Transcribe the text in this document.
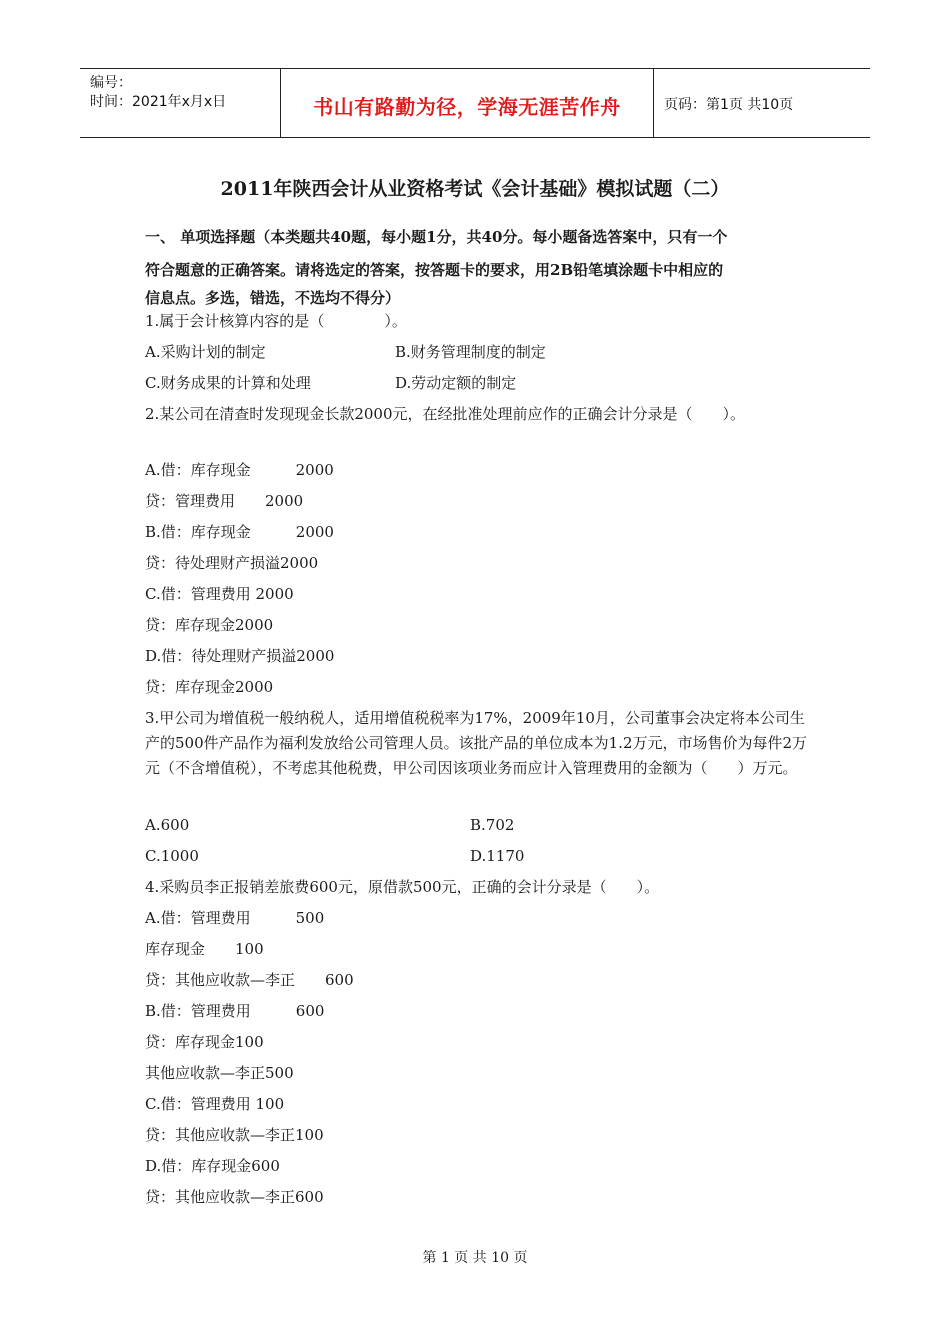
编号：
时间：2021年x月x日	书山有路勤为径，学海无涯苦作舟	页码：第1页 共10页
2011年陕西会计从业资格考试《会计基础》模拟试题（二）
一、 单项选择题（本类题共40题，每小题1分，共40分。每小题备选答案中，只有一个
符合题意的正确答案。请将选定的答案，按答题卡的要求，用2B铅笔填涂题卡中相应的
信息点。多选，错选，不选均不得分）
1.属于会计核算内容的是（　　　　）。
A.采购计划的制定	B.财务管理制度的制定
C.财务成果的计算和处理	D.劳动定额的制定
2.某公司在清查时发现现金长款2000元，在经批准处理前应作的正确会计分录是（　　）。
A.借：库存现金　　　2000
贷：管理费用　　2000
B.借：库存现金　　　2000
贷：待处理财产损溢2000
C.借：管理费用 2000
贷：库存现金2000
D.借：待处理财产损溢2000
贷：库存现金2000
3.甲公司为增值税一般纳税人，适用增值税税率为17%，2009年10月，公司董事会决定将本公司生产的500件产品作为福利发放给公司管理人员。该批产品的单位成本为1.2万元，市场售价为每件2万元（不含增值税），不考虑其他税费，甲公司因该项业务而应计入管理费用的金额为（　　）万元。
A.600	B.702
C.1000	D.1170
4.采购员李正报销差旅费600元，原借款500元，正确的会计分录是（　　）。
A.借：管理费用　　　500
库存现金　　100
贷：其他应收款—李正　　600
B.借：管理费用　　　600
贷：库存现金100
其他应收款—李正500
C.借：管理费用 100
贷：其他应收款—李正100
D.借：库存现金600
贷：其他应收款—李正600
第 1 页 共 10 页
